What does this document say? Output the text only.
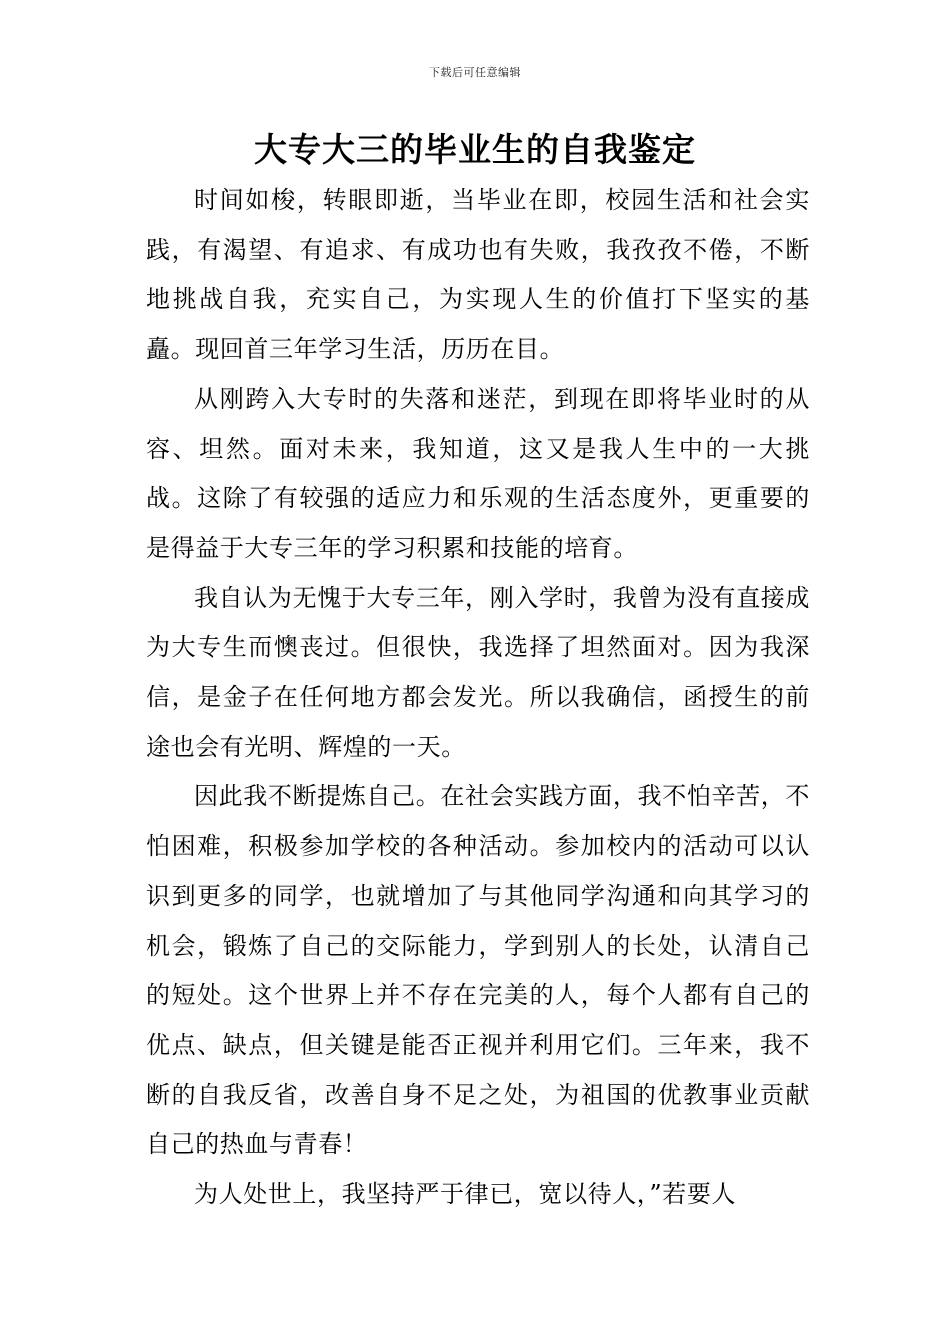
下载后可任意编辑
大专大三的毕业生的自我鉴定

时间如梭，转眼即逝，当毕业在即，校园生活和社会实践，有渴望、有追求、有成功也有失败，我孜孜不倦，不断地挑战自我，充实自己，为实现人生的价值打下坚实的基矗。现回首三年学习生活，历历在目。

从刚跨入大专时的失落和迷茫，到现在即将毕业时的从容、坦然。面对未来，我知道，这又是我人生中的一大挑战。这除了有较强的适应力和乐观的生活态度外，更重要的是得益于大专三年的学习积累和技能的培育。

我自认为无愧于大专三年，刚入学时，我曾为没有直接成为大专生而懊丧过。但很快，我选择了坦然面对。因为我深信，是金子在任何地方都会发光。所以我确信，函授生的前途也会有光明、辉煌的一天。

因此我不断提炼自己。在社会实践方面，我不怕辛苦，不怕困难，积极参加学校的各种活动。参加校内的活动可以认识到更多的同学，也就增加了与其他同学沟通和向其学习的机会，锻炼了自己的交际能力，学到别人的长处，认清自己的短处。这个世界上并不存在完美的人，每个人都有自己的优点、缺点，但关键是能否正视并利用它们。三年来，我不断的自我反省，改善自身不足之处，为祖国的优教事业贡献自己的热血与青春！

为人处世上，我坚持严于律已，宽以待人，”若要人
